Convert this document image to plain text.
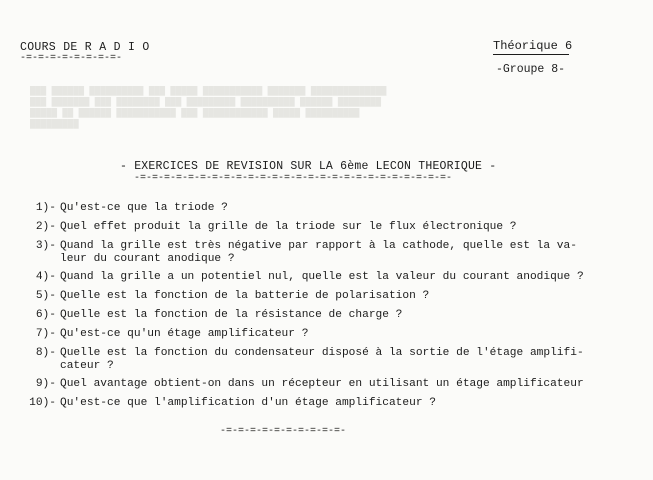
COURS DE R A D I O
-=-=-=-=-=-=-=-=-
Théorique 6
-Groupe 8-
███ ██████ ██████████ ███ █████ ███████████ ███████ ██████████████
███ ███████ ███ ████████ ███ █████████ ██████████ ██████ ████████
█████ ██ ██████ ███████████ ███ ████████████ █████ ██████████
█████████
- EXERCICES DE REVISION SUR LA 6ème LECON THEORIQUE -
-=-=-=-=-=-=-=-=-=-=-=-=-=-=-=-=-=-=-=-=-=-=-=-=-=-=-
1)- Qu'est-ce que la triode ?
2)- Quel effet produit la grille de la triode sur le flux électronique ?
3)- Quand la grille est très négative par rapport à la cathode, quelle est la va-
leur du courant anodique ?
4)- Quand la grille a un potentiel nul, quelle est la valeur du courant anodique ?
5)- Quelle est la fonction de la batterie de polarisation ?
6)- Quelle est la fonction de la résistance de charge ?
7)- Qu'est-ce qu'un étage amplificateur ?
8)- Quelle est la fonction du condensateur disposé à la sortie de l'étage amplifi-
cateur ?
9)- Quel avantage obtient-on dans un récepteur en utilisant un étage amplificateur
10)- Qu'est-ce que l'amplification d'un étage amplificateur ?
-=-=-=-=-=-=-=-=-=-=-
